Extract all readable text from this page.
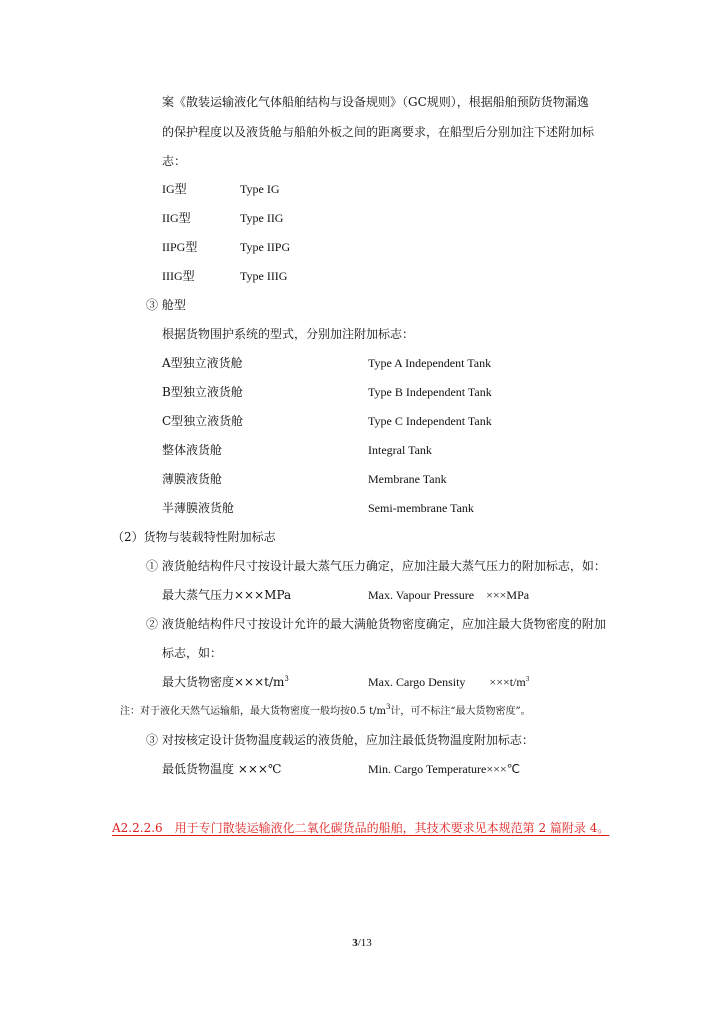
案《散装运输液化气体船舶结构与设备规则》（GC规则），根据船舶预防货物漏逸
的保护程度以及液货舱与船舶外板之间的距离要求，在船型后分别加注下述附加标
志：
IG型	Type IG
IIG型	Type IIG
IIPG型	Type IIPG
IIIG型	Type IIIG
③ 舱型
根据货物围护系统的型式，分别加注附加标志：
A型独立液货舱	Type A Independent Tank
B型独立液货舱	Type B Independent Tank
C型独立液货舱	Type C Independent Tank
整体液货舱	Integral Tank
薄膜液货舱	Membrane Tank
半薄膜液货舱	Semi-membrane Tank
（2）货物与装载特性附加标志
① 液货舱结构件尺寸按设计最大蒸气压力确定，应加注最大蒸气压力的附加标志，如：
最大蒸气压力×××MPa	Max. Vapour Pressure　×××MPa
② 液货舱结构件尺寸按设计允许的最大满舱货物密度确定，应加注最大货物密度的附加
标志，如：
最大货物密度$\times\times\times t/m^3$	Max. Cargo Density　　$\times\times\times t/m^3$
注：对于液化天然气运输船，最大货物密度一般均按0.5 $t/m^3$计，可不标注“最大货物密度”。
③ 对按核定设计货物温度载运的液货舱，应加注最低货物温度附加标志：
最低货物温度 ×××℃	Min. Cargo Temperature×××℃
A2.2.2.6　用于专门散装运输液化二氧化碳货品的船舶，其技术要求见本规范第 2 篇附录 4。
3/13
